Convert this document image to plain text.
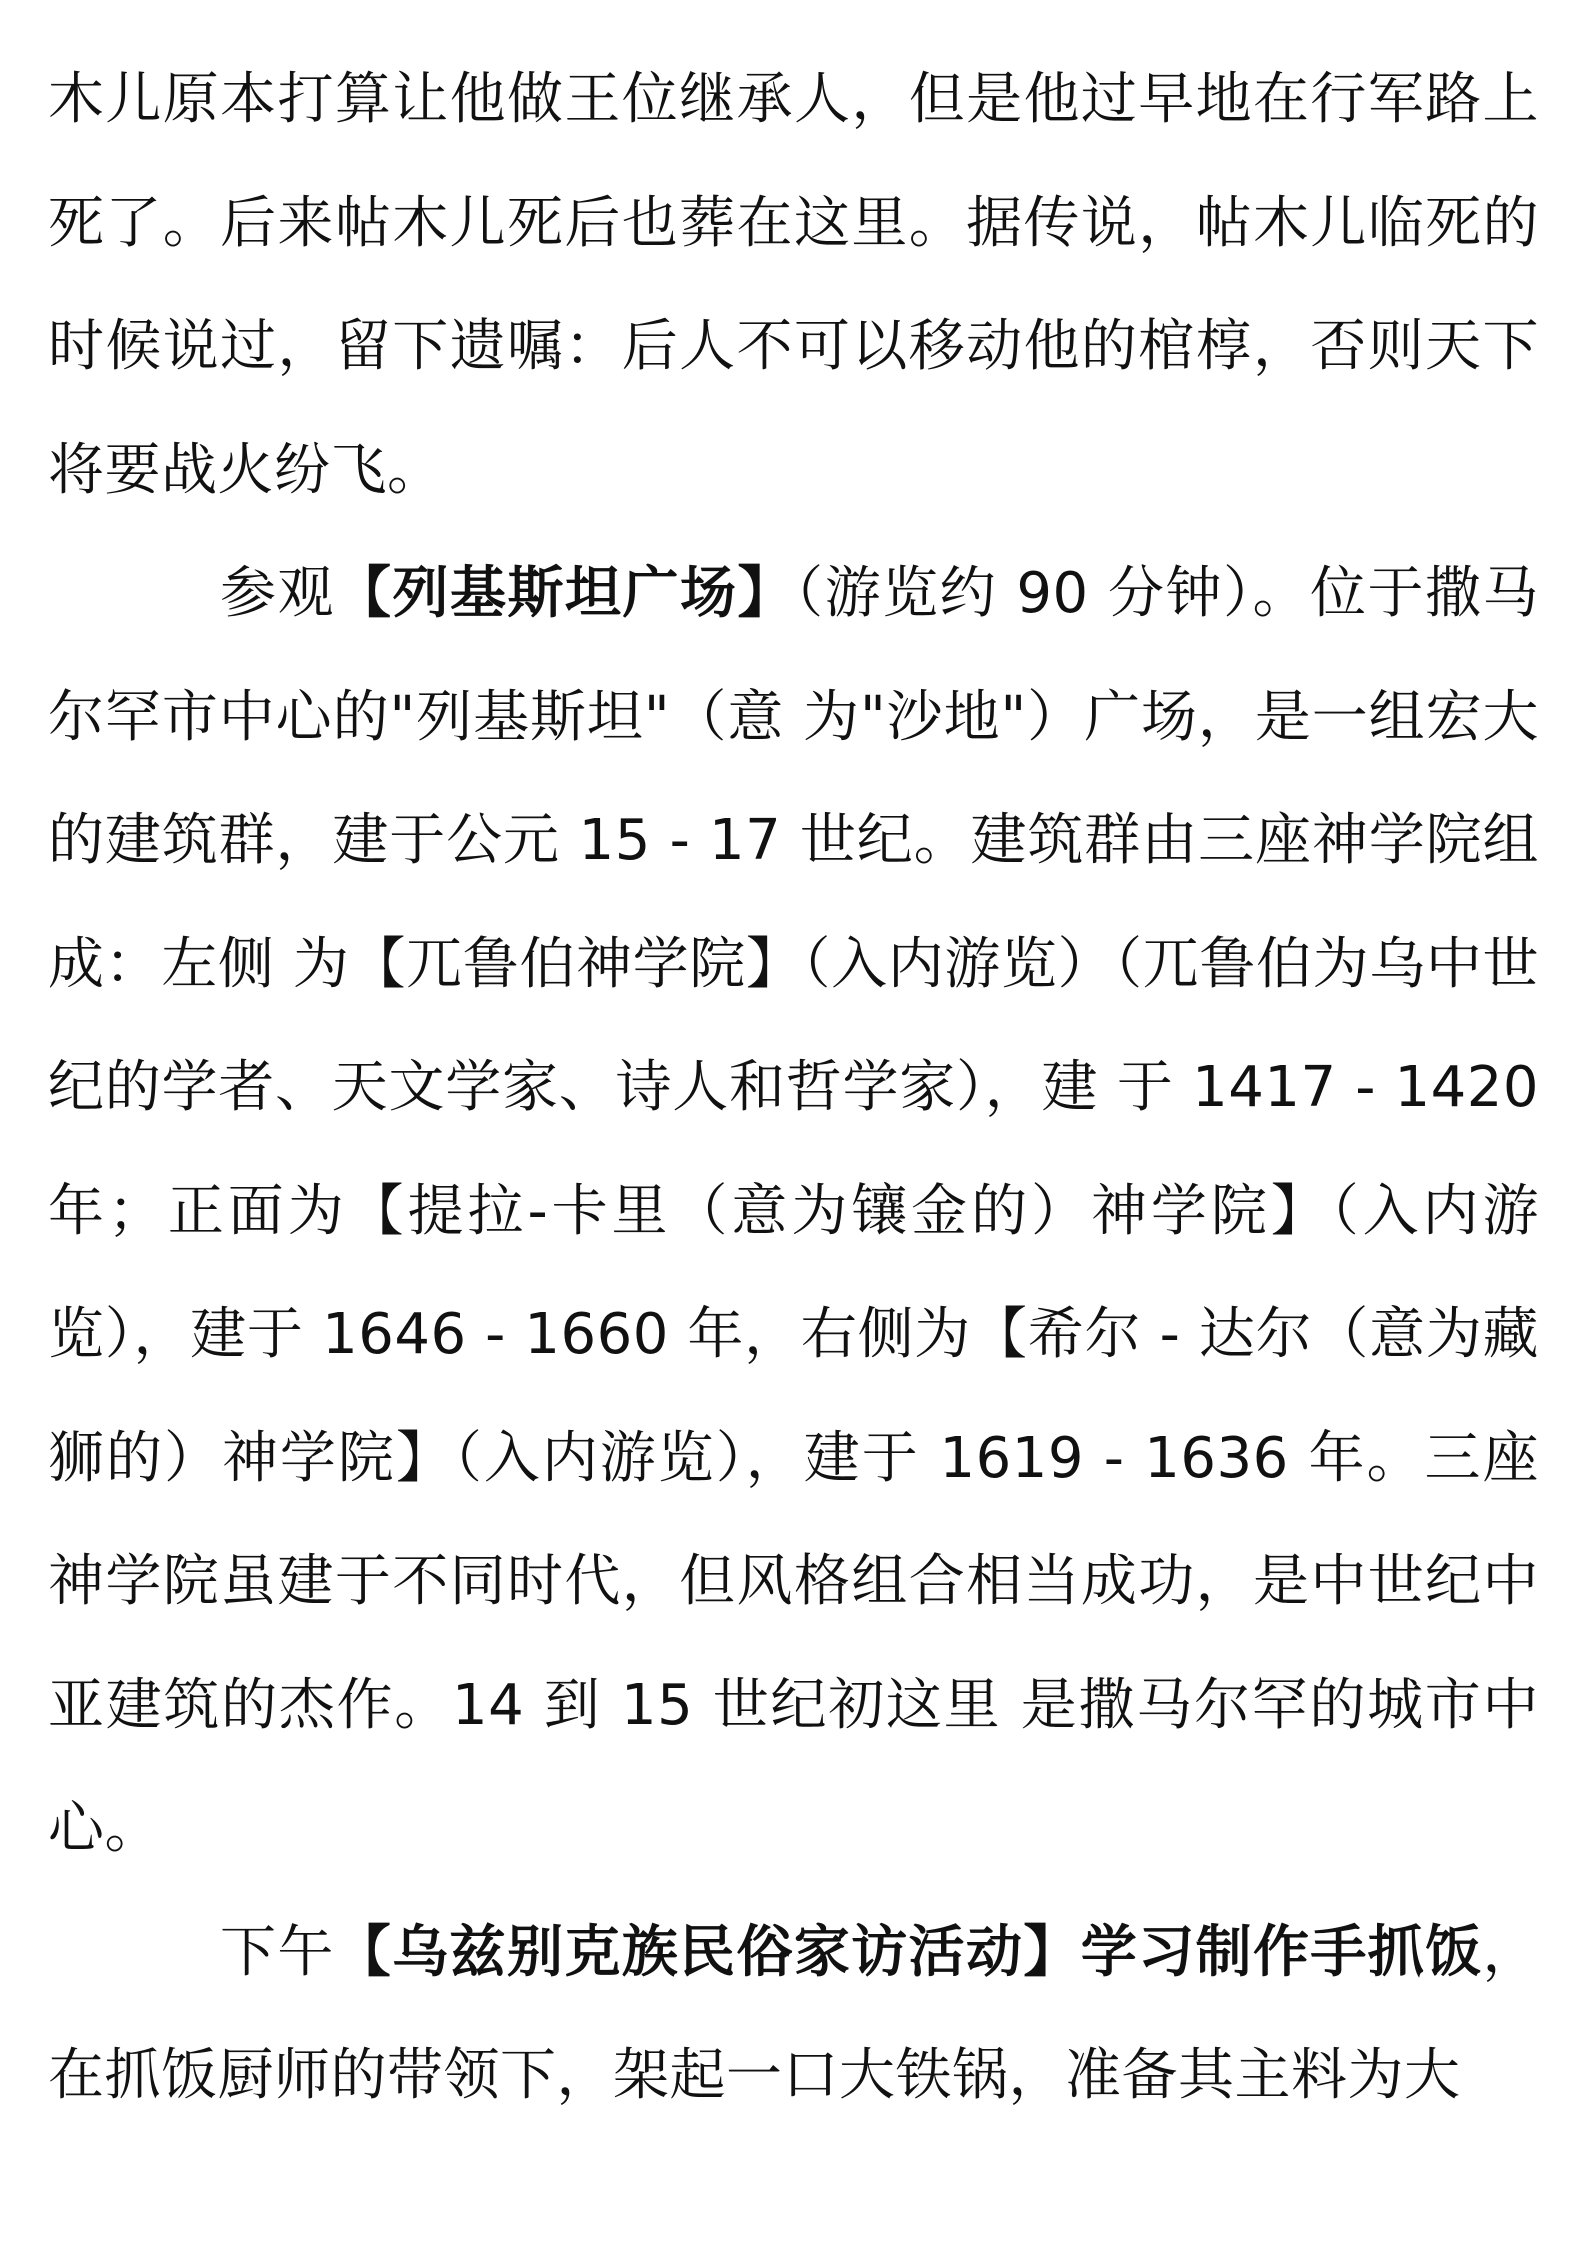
木儿原本打算让他做王位继承人，但是他过早地在行军路上死了。后来帖木儿死后也葬在这里。据传说，帖木儿临死的时候说过，留下遗嘱：后人不可以移动他的棺椁，否则天下将要战火纷飞。

参观【列基斯坦广场】（游览约 90 分钟）。位于撒马尔罕市中心的"列基斯坦"（意 为"沙地"）广场，是一组宏大的建筑群，建于公元 15 - 17 世纪。建筑群由三座神学院组成：左侧 为【兀鲁伯神学院】（入内游览）（兀鲁伯为乌中世纪的学者、天文学家、诗人和哲学家），建 于 1417 - 1420 年；正面为【提拉-卡里（意为镶金的）神学院】（入内游览），建于 1646 - 1660 年，右侧为【希尔 - 达尔（意为藏狮的）神学院】（入内游览），建于 1619 - 1636 年。三座神学院虽建于不同时代，但风格组合相当成功，是中世纪中亚建筑的杰作。14 到 15 世纪初这里 是撒马尔罕的城市中心。

下午【乌兹别克族民俗家访活动】学习制作手抓饭，在抓饭厨师的带领下，架起一口大铁锅，准备其主料为大
